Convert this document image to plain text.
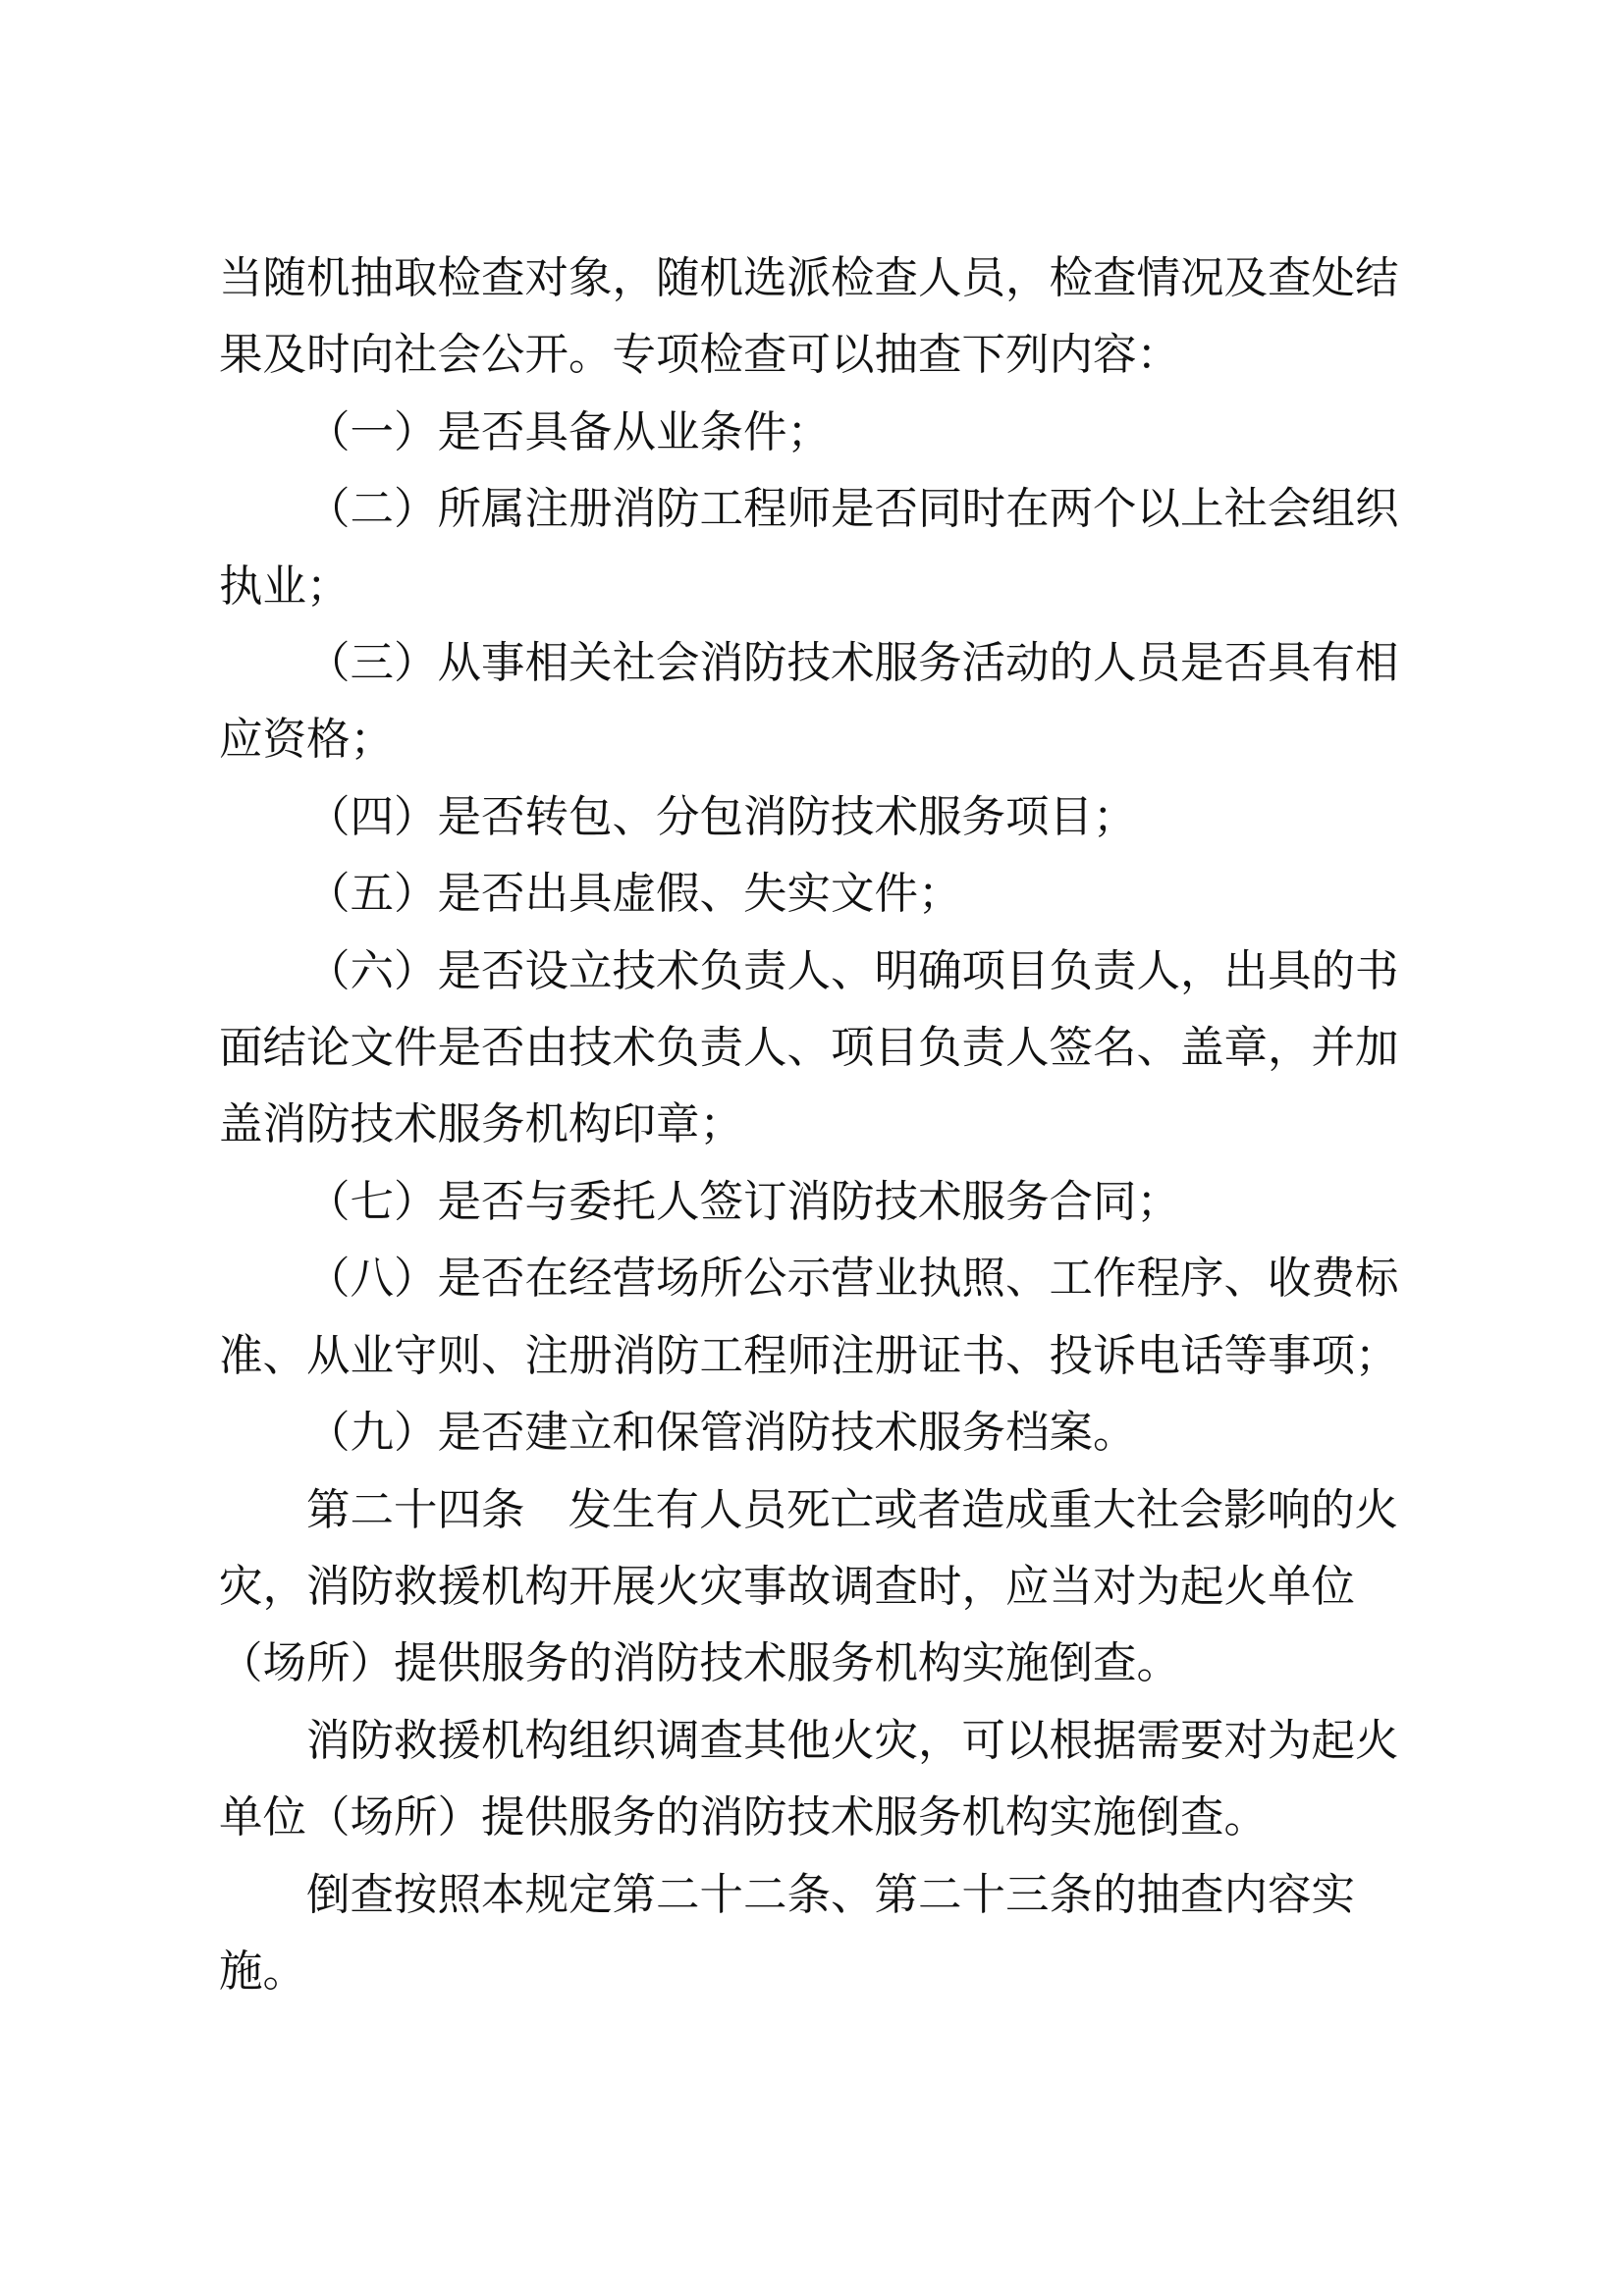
当随机抽取检查对象，随机选派检查人员，检查情况及查处结果及时向社会公开。专项检查可以抽查下列内容：

（一）是否具备从业条件；

（二）所属注册消防工程师是否同时在两个以上社会组织执业；

（三）从事相关社会消防技术服务活动的人员是否具有相应资格；

（四）是否转包、分包消防技术服务项目；

（五）是否出具虚假、失实文件；

（六）是否设立技术负责人、明确项目负责人，出具的书面结论文件是否由技术负责人、项目负责人签名、盖章，并加盖消防技术服务机构印章；

（七）是否与委托人签订消防技术服务合同；

（八）是否在经营场所公示营业执照、工作程序、收费标准、从业守则、注册消防工程师注册证书、投诉电话等事项；

（九）是否建立和保管消防技术服务档案。

第二十四条 发生有人员死亡或者造成重大社会影响的火灾，消防救援机构开展火灾事故调查时，应当对为起火单位（场所）提供服务的消防技术服务机构实施倒查。

消防救援机构组织调查其他火灾，可以根据需要对为起火单位（场所）提供服务的消防技术服务机构实施倒查。

倒查按照本规定第二十二条、第二十三条的抽查内容实施。
